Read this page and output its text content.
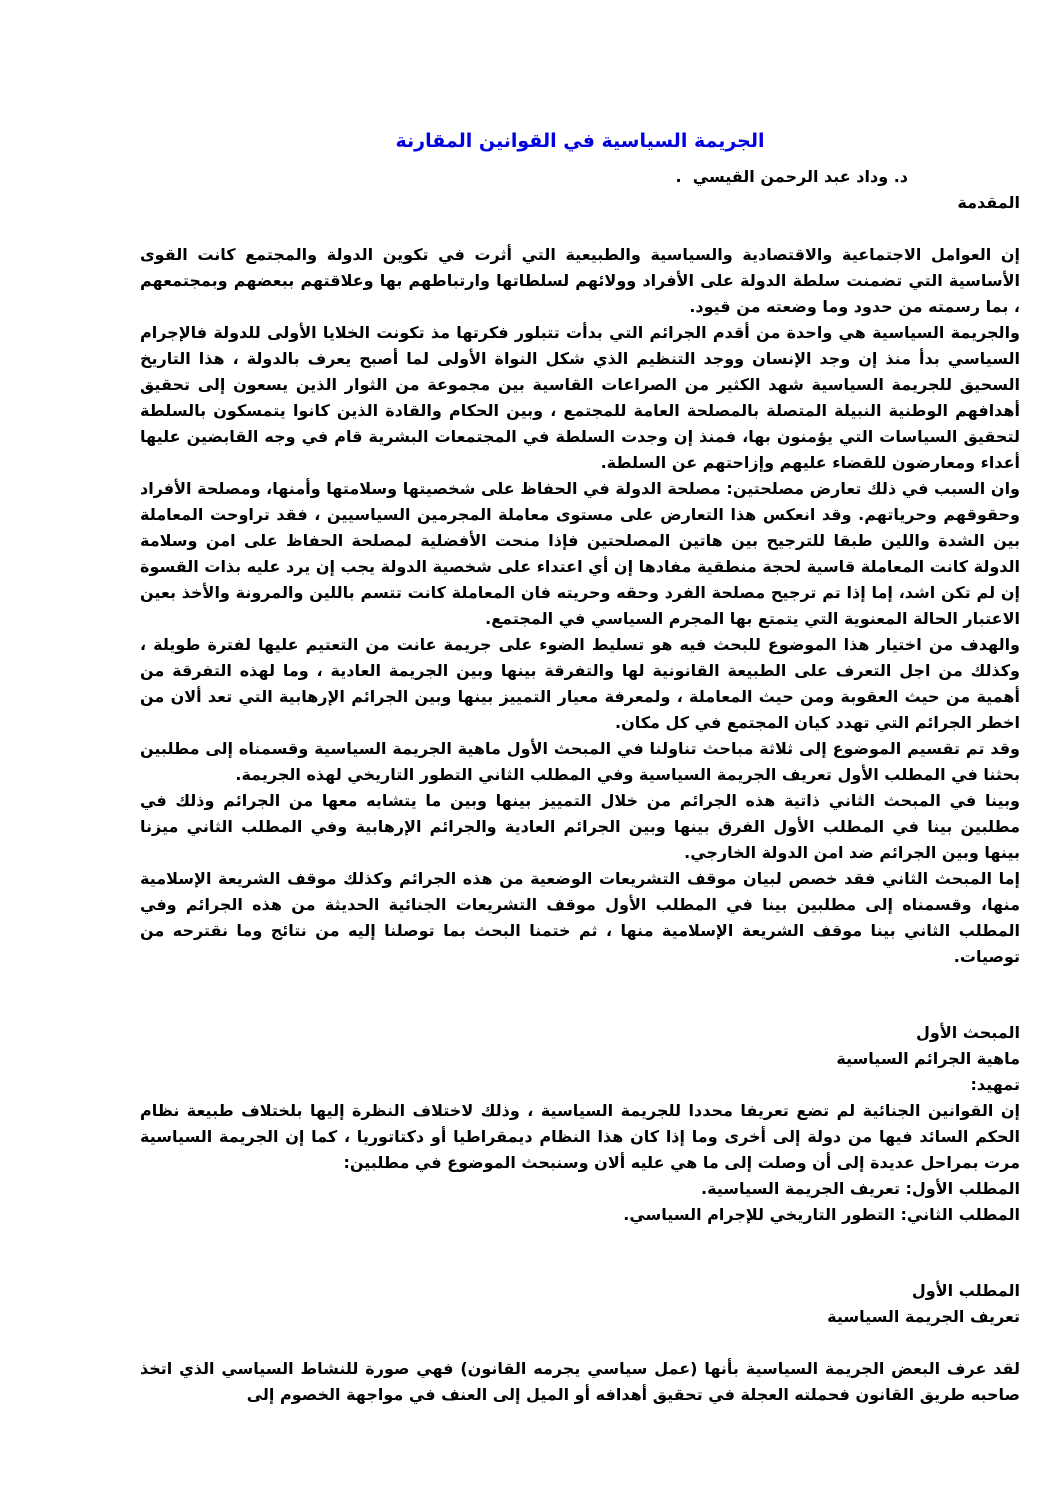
الجريمة السياسية في القوانين المقارنة
د. وداد عبد الرحمن القيسي  .
المقدمة
إن العوامل الاجتماعية والاقتصادية والسياسية والطبيعية التي أثرت في تكوين الدولة والمجتمع كانت القوى الأساسية التي تضمنت سلطة الدولة على الأفراد وولائهم لسلطاتها وارتباطهم بها وعلاقتهم ببعضهم وبمجتمعهم ، بما رسمته من حدود وما وضعته من قيود.
والجريمة السياسية هي واحدة من أقدم الجرائم التي بدأت تتبلور فكرتها مذ تكونت الخلايا الأولى للدولة فالإجرام السياسي بدأ منذ إن وجد الإنسان ووجد التنظيم الذي شكل النواة الأولى لما أصبح يعرف بالدولة ، هذا التاريخ السحيق للجريمة السياسية شهد الكثير من الصراعات القاسية بين مجموعة من الثوار الذين يسعون إلى تحقيق أهدافهم الوطنية النبيلة المتصلة بالمصلحة العامة للمجتمع ، وبين الحكام والقادة الذين كانوا يتمسكون بالسلطة لتحقيق السياسات التي يؤمنون بها، فمنذ إن وجدت السلطة في المجتمعات البشرية قام في وجه القابضين عليها أعداء ومعارضون للقضاء عليهم وإزاحتهم عن السلطة.
وان السبب في ذلك تعارض مصلحتين: مصلحة الدولة في الحفاظ على شخصيتها وسلامتها وأمنها، ومصلحة الأفراد وحقوقهم وحرياتهم. وقد انعكس هذا التعارض على مستوى معاملة المجرمين السياسيين ، فقد تراوحت المعاملة بين الشدة واللين طبقا للترجيح بين هاتين المصلحتين فإذا منحت الأفضلية لمصلحة الحفاظ على امن وسلامة الدولة كانت المعاملة قاسية لحجة منطقية مفادها إن أي اعتداء على شخصية الدولة يجب إن يرد عليه بذات القسوة إن لم تكن اشد، إما إذا تم ترجيح مصلحة الفرد وحقه وحريته فان المعاملة كانت تتسم باللين والمرونة والأخذ بعين الاعتبار الحالة المعنوية التي يتمتع بها المجرم السياسي في المجتمع.
والهدف من اختيار هذا الموضوع للبحث فيه هو تسليط الضوء على جريمة عانت من التعتيم عليها لفترة طويلة ، وكذلك من اجل التعرف على الطبيعة القانونية لها والتفرقة بينها وبين الجريمة العادية ، وما لهذه التفرقة من أهمية من حيث العقوبة ومن حيث المعاملة ، ولمعرفة معيار التمييز بينها وبين الجرائم الإرهابية التي تعد ألان من اخطر الجرائم التي تهدد كيان المجتمع في كل مكان.
وقد تم تقسيم الموضوع إلى ثلاثة مباحث تناولنا في المبحث الأول ماهية الجريمة السياسية وقسمناه إلى مطلبين بحثنا في المطلب الأول تعريف الجريمة السياسية وفي المطلب الثاني التطور التاريخي لهذه الجريمة.
وبينا في المبحث الثاني ذاتية هذه الجرائم من خلال التمييز بينها وبين ما يتشابه معها من الجرائم وذلك في مطلبين بينا في المطلب الأول الفرق بينها وبين الجرائم العادية والجرائم الإرهابية وفي المطلب الثاني ميزنا بينها وبين الجرائم ضد امن الدولة الخارجي.
إما المبحث الثاني فقد خصص لبيان موقف التشريعات الوضعية من هذه الجرائم وكذلك موقف الشريعة الإسلامية منها، وقسمناه إلى مطلبين بينا في المطلب الأول موقف التشريعات الجنائية الحديثة من هذه الجرائم وفي المطلب الثاني بينا موقف الشريعة الإسلامية منها ، ثم ختمنا البحث بما توصلنا إليه من نتائج وما نقترحه من توصيات.
المبحث الأول
ماهية الجرائم السياسية
تمهيد:
إن القوانين الجنائية لم تضع تعريفا محددا للجريمة السياسية ، وذلك لاختلاف النظرة إليها بلختلاف طبيعة نظام الحكم السائد فيها من دولة إلى أخرى وما إذا كان هذا النظام ديمقراطيا أو دكتاتوريا ، كما إن الجريمة السياسية مرت بمراحل عديدة إلى أن وصلت إلى ما هي عليه ألان وسنبحث الموضوع في مطلبين:
المطلب الأول: تعريف الجريمة السياسية.
المطلب الثاني: التطور التاريخي للإجرام السياسي.
المطلب الأول
تعريف الجريمة السياسية
لقد عرف البعض الجريمة السياسية بأنها (عمل سياسي يجرمه القانون) فهي صورة للنشاط السياسي الذي اتخذ صاحبه طريق القانون فحملته العجلة في تحقيق أهدافه أو الميل إلى العنف في مواجهة الخصوم إلى
